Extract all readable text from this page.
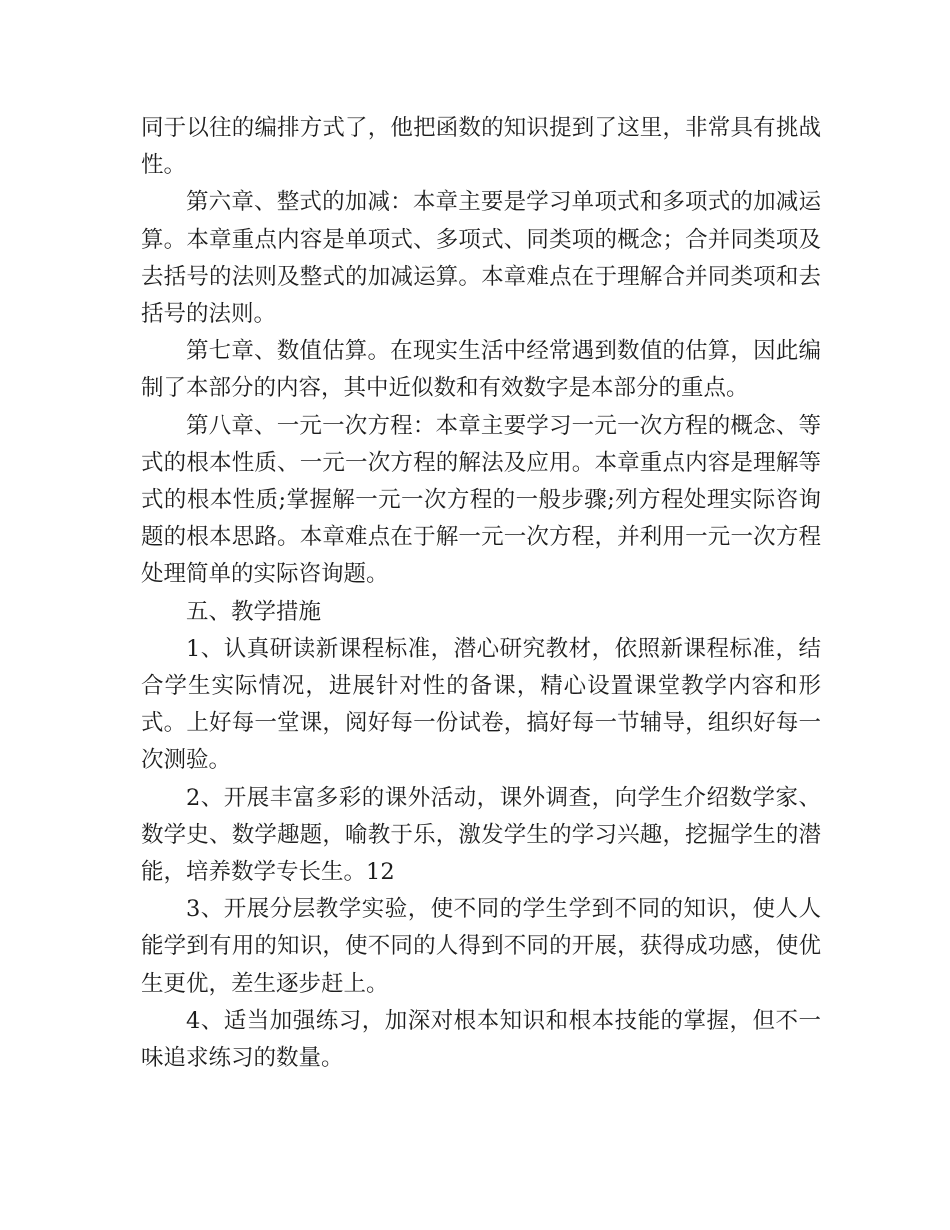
同于以往的编排方式了，他把函数的知识提到了这里，非常具有挑战性。

第六章、整式的加减：本章主要是学习单项式和多项式的加减运算。本章重点内容是单项式、多项式、同类项的概念；合并同类项及去括号的法则及整式的加减运算。本章难点在于理解合并同类项和去括号的法则。

第七章、数值估算。在现实生活中经常遇到数值的估算，因此编制了本部分的内容，其中近似数和有效数字是本部分的重点。

第八章、一元一次方程：本章主要学习一元一次方程的概念、等式的根本性质、一元一次方程的解法及应用。本章重点内容是理解等式的根本性质;掌握解一元一次方程的一般步骤;列方程处理实际咨询题的根本思路。本章难点在于解一元一次方程，并利用一元一次方程处理简单的实际咨询题。

五、教学措施

1、认真研读新课程标准，潜心研究教材，依照新课程标准，结合学生实际情况，进展针对性的备课，精心设置课堂教学内容和形式。上好每一堂课，阅好每一份试卷，搞好每一节辅导，组织好每一次测验。

2、开展丰富多彩的课外活动，课外调查，向学生介绍数学家、数学史、数学趣题，喻教于乐，激发学生的学习兴趣，挖掘学生的潜能，培养数学专长生。12

3、开展分层教学实验，使不同的学生学到不同的知识，使人人能学到有用的知识，使不同的人得到不同的开展，获得成功感，使优生更优，差生逐步赶上。

4、适当加强练习，加深对根本知识和根本技能的掌握，但不一味追求练习的数量。
